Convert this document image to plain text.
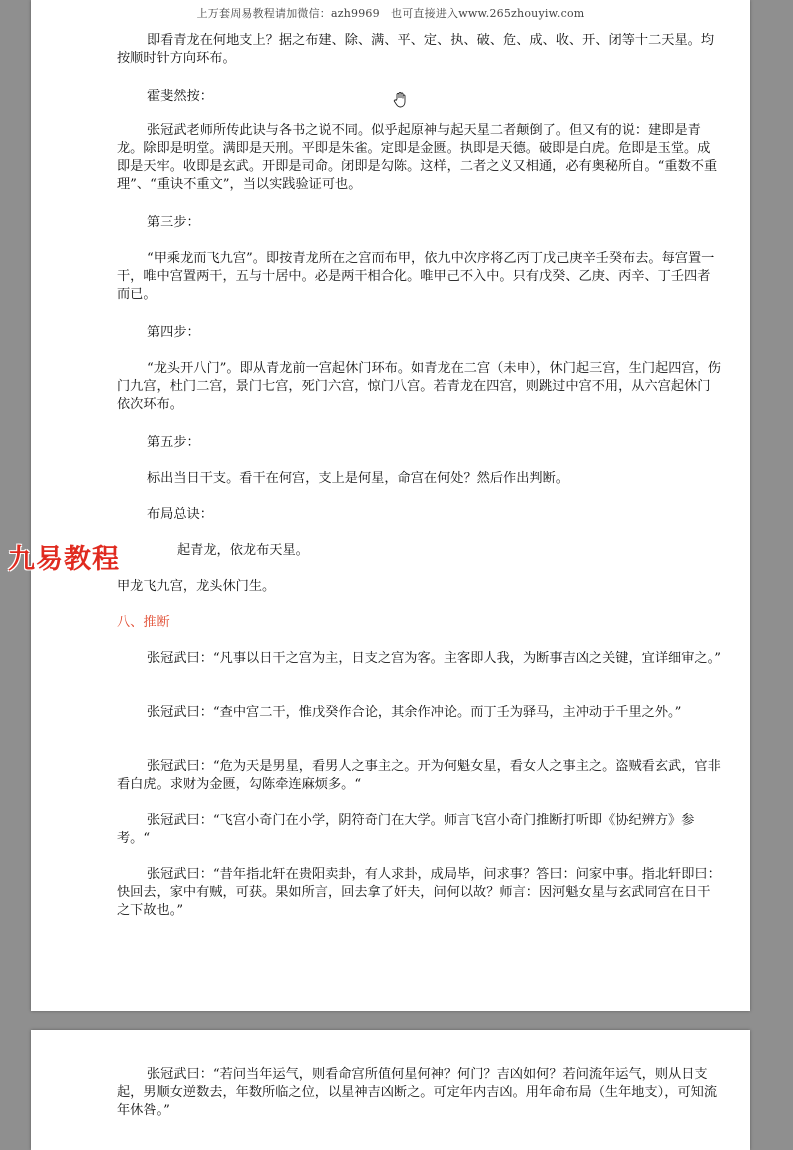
上万套周易教程请加微信：azh9969　也可直接进入www.265zhouyiw.com

即看青龙在何地支上？据之布建、除、满、平、定、执、破、危、成、收、开、闭等十二天星。均按顺时针方向环布。

霍斐然按：

张冠武老师所传此诀与各书之说不同。似乎起原神与起天星二者颠倒了。但又有的说：建即是青龙。除即是明堂。满即是天刑。平即是朱雀。定即是金匮。执即是天德。破即是白虎。危即是玉堂。成即是天牢。收即是玄武。开即是司命。闭即是勾陈。这样，二者之义又相通，必有奥秘所自。“重数不重理”、“重诀不重文”，当以实践验证可也。

第三步：

“甲乘龙而飞九宫”。即按青龙所在之宫而布甲，依九中次序将乙丙丁戊己庚辛壬癸布去。每宫置一干，唯中宫置两干，五与十居中。必是两干相合化。唯甲己不入中。只有戊癸、乙庚、丙辛、丁壬四者而已。

第四步：

“龙头开八门”。即从青龙前一宫起休门环布。如青龙在二宫（未申），休门起三宫，生门起四宫，伤门九宫，杜门二宫，景门七宫，死门六宫，惊门八宫。若青龙在四宫，则跳过中宫不用，从六宫起休门依次环布。

第五步：

标出当日干支。看干在何宫，支上是何星，命宫在何处？然后作出判断。

布局总诀：

起青龙，依龙布天星。

甲龙飞九宫，龙头休门生。

八、推断

张冠武曰：“凡事以日干之宫为主，日支之宫为客。主客即人我，为断事吉凶之关键，宜详细审之。”

张冠武曰：“查中宫二干，惟戊癸作合论，其余作冲论。而丁壬为驿马，主冲动于千里之外。”

张冠武曰：“危为天是男星，看男人之事主之。开为何魁女星，看女人之事主之。盗贼看玄武，官非看白虎。求财为金匮，勾陈牵连麻烦多。“

张冠武曰：“飞宫小奇门在小学，阴符奇门在大学。师言飞宫小奇门推断打听即《协纪辨方》参考。“

张冠武曰：“昔年指北轩在贵阳卖卦，有人求卦，成局毕，问求事？答曰：问家中事。指北轩即曰：快回去，家中有贼，可获。果如所言，回去拿了奸夫，问何以故？师言：因河魁女星与玄武同宫在日干之下故也。”

九易教程

张冠武曰：“若问当年运气，则看命宫所值何星何神？何门？吉凶如何？若问流年运气，则从日支起，男顺女逆数去，年数所临之位，以星神吉凶断之。可定年内吉凶。用年命布局（生年地支），可知流年休咎。”
